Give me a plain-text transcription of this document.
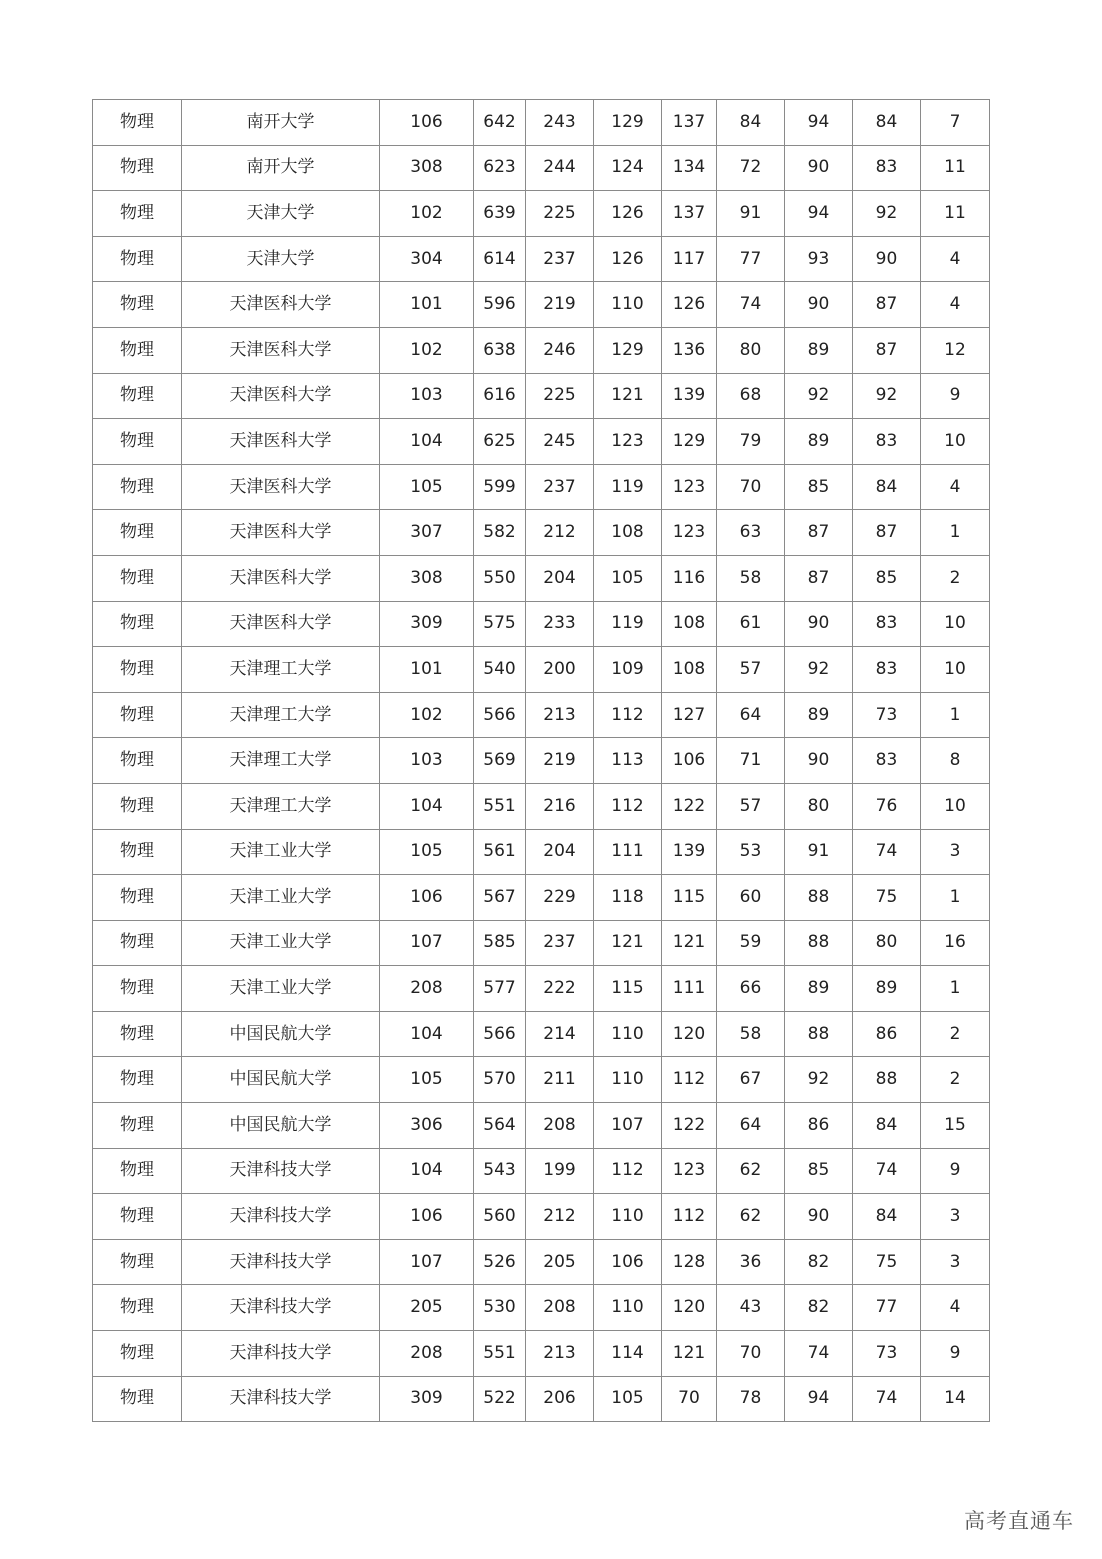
物理	南开大学	106	642	243	129	137	84	94	84	7
物理	南开大学	308	623	244	124	134	72	90	83	11
物理	天津大学	102	639	225	126	137	91	94	92	11
物理	天津大学	304	614	237	126	117	77	93	90	4
物理	天津医科大学	101	596	219	110	126	74	90	87	4
物理	天津医科大学	102	638	246	129	136	80	89	87	12
物理	天津医科大学	103	616	225	121	139	68	92	92	9
物理	天津医科大学	104	625	245	123	129	79	89	83	10
物理	天津医科大学	105	599	237	119	123	70	85	84	4
物理	天津医科大学	307	582	212	108	123	63	87	87	1
物理	天津医科大学	308	550	204	105	116	58	87	85	2
物理	天津医科大学	309	575	233	119	108	61	90	83	10
物理	天津理工大学	101	540	200	109	108	57	92	83	10
物理	天津理工大学	102	566	213	112	127	64	89	73	1
物理	天津理工大学	103	569	219	113	106	71	90	83	8
物理	天津理工大学	104	551	216	112	122	57	80	76	10
物理	天津工业大学	105	561	204	111	139	53	91	74	3
物理	天津工业大学	106	567	229	118	115	60	88	75	1
物理	天津工业大学	107	585	237	121	121	59	88	80	16
物理	天津工业大学	208	577	222	115	111	66	89	89	1
物理	中国民航大学	104	566	214	110	120	58	88	86	2
物理	中国民航大学	105	570	211	110	112	67	92	88	2
物理	中国民航大学	306	564	208	107	122	64	86	84	15
物理	天津科技大学	104	543	199	112	123	62	85	74	9
物理	天津科技大学	106	560	212	110	112	62	90	84	3
物理	天津科技大学	107	526	205	106	128	36	82	75	3
物理	天津科技大学	205	530	208	110	120	43	82	77	4
物理	天津科技大学	208	551	213	114	121	70	74	73	9
物理	天津科技大学	309	522	206	105	70	78	94	74	14
高考直通车
